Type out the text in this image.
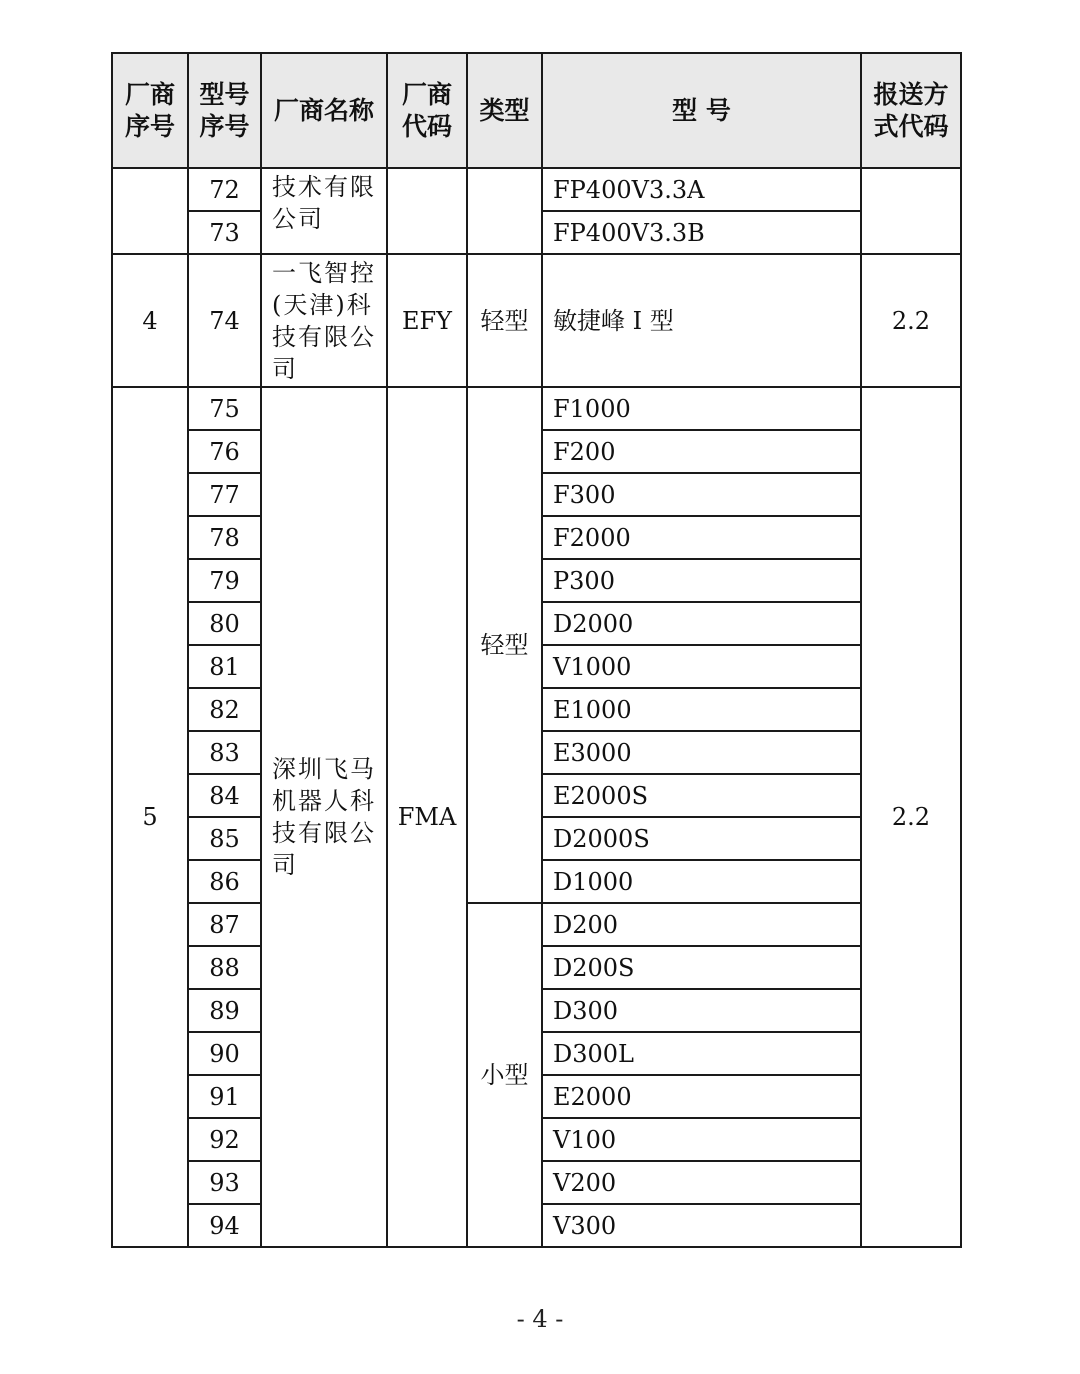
厂商序号	型号序号	厂商名称	厂商代码	类型	型 号	报送方式代码
	72	技术有限公司			FP400V3.3A	
	73				FP400V3.3B	
4	74	一飞智控(天津)科技有限公司	EFY	轻型	敏捷峰 I 型	2.2
5	75	深圳飞马机器人科技有限公司	FMA	轻型	F1000	2.2
	76				F200	
	77				F300	
	78				F2000	
	79				P300	
	80				D2000	
	81				V1000	
	82				E1000	
	83				E3000	
	84				E2000S	
	85				D2000S	
	86				D1000	
	87			小型	D200	
	88				D200S	
	89				D300	
	90				D300L	
	91				E2000	
	92				V100	
	93				V200	
	94				V300	
- 4 -
